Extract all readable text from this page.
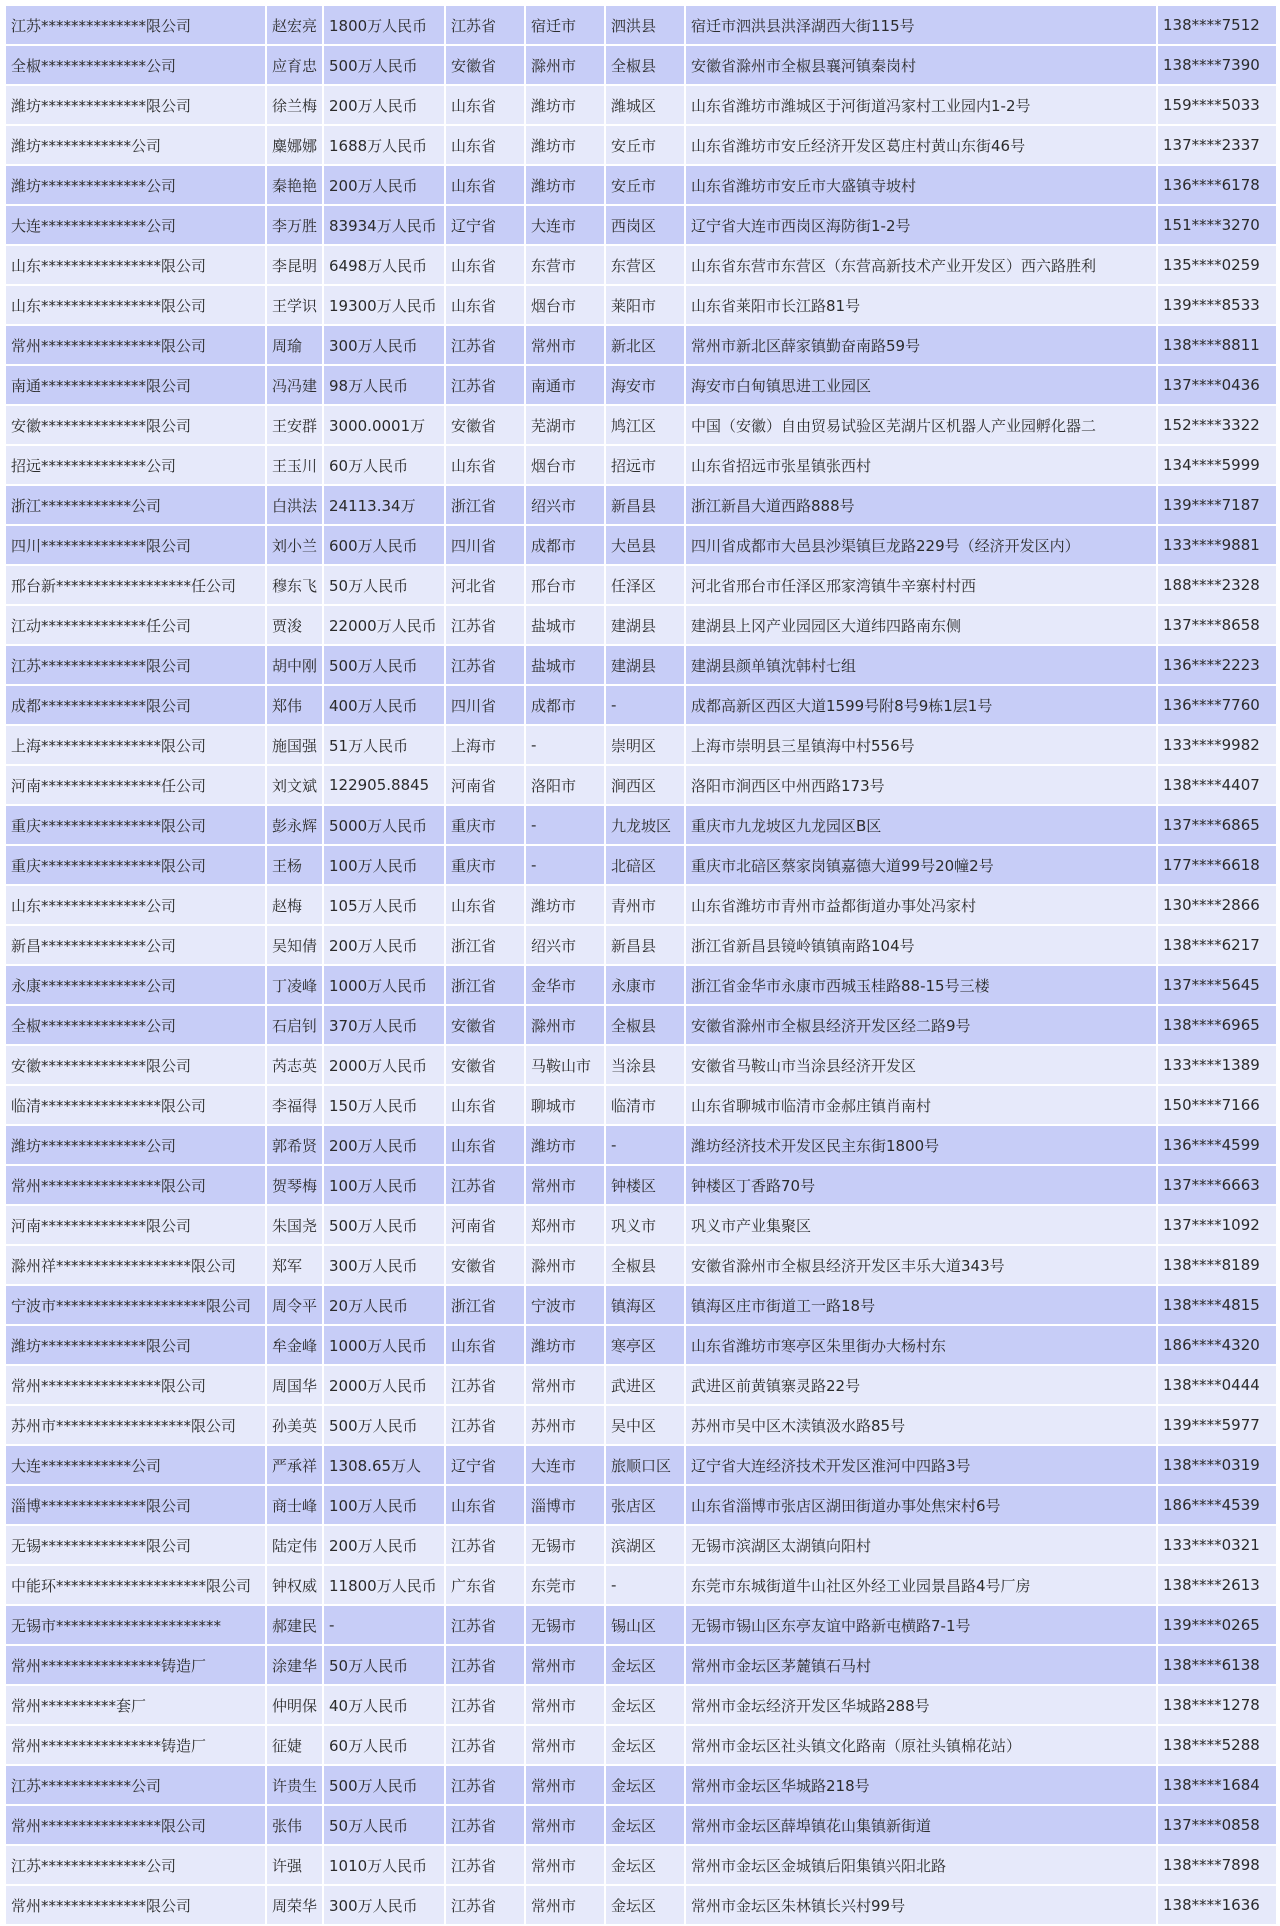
江苏**************限公司	赵宏亮	1800万人民币	江苏省	宿迁市	泗洪县	宿迁市泗洪县洪泽湖西大街115号	138****7512
全椒**************公司	应育忠	500万人民币	安徽省	滁州市	全椒县	安徽省滁州市全椒县襄河镇秦岗村	138****7390
潍坊**************限公司	徐兰梅	200万人民币	山东省	潍坊市	潍城区	山东省潍坊市潍城区于河街道冯家村工业园内1-2号	159****5033
潍坊************公司	麋娜娜	1688万人民币	山东省	潍坊市	安丘市	山东省潍坊市安丘经济开发区葛庄村黄山东街46号	137****2337
潍坊**************公司	秦艳艳	200万人民币	山东省	潍坊市	安丘市	山东省潍坊市安丘市大盛镇寺坡村	136****6178
大连**************公司	李万胜	83934万人民币	辽宁省	大连市	西岗区	辽宁省大连市西岗区海防街1-2号	151****3270
山东****************限公司	李昆明	6498万人民币	山东省	东营市	东营区	山东省东营市东营区（东营高新技术产业开发区）西六路胜利	135****0259
山东****************限公司	王学识	19300万人民币	山东省	烟台市	莱阳市	山东省莱阳市长江路81号	139****8533
常州****************限公司	周瑜	300万人民币	江苏省	常州市	新北区	常州市新北区薛家镇勤奋南路59号	138****8811
南通**************限公司	冯冯建	98万人民币	江苏省	南通市	海安市	海安市白甸镇思进工业园区	137****0436
安徽**************限公司	王安群	3000.0001万	安徽省	芜湖市	鸠江区	中国（安徽）自由贸易试验区芜湖片区机器人产业园孵化器二	152****3322
招远**************公司	王玉川	60万人民币	山东省	烟台市	招远市	山东省招远市张星镇张西村	134****5999
浙江************公司	白洪法	24113.34万	浙江省	绍兴市	新昌县	浙江新昌大道西路888号	139****7187
四川**************限公司	刘小兰	600万人民币	四川省	成都市	大邑县	四川省成都市大邑县沙渠镇巨龙路229号（经济开发区内）	133****9881
邢台新******************任公司	穆东飞	50万人民币	河北省	邢台市	任泽区	河北省邢台市任泽区邢家湾镇牛辛寨村村西	188****2328
江动**************任公司	贾浚	22000万人民币	江苏省	盐城市	建湖县	建湖县上冈产业园园区大道纬四路南东侧	137****8658
江苏**************限公司	胡中刚	500万人民币	江苏省	盐城市	建湖县	建湖县颜单镇沈韩村七组	136****2223
成都**************限公司	郑伟	400万人民币	四川省	成都市	-	成都高新区西区大道1599号附8号9栋1层1号	136****7760
上海****************限公司	施国强	51万人民币	上海市	-	崇明区	上海市崇明县三星镇海中村556号	133****9982
河南****************任公司	刘文斌	122905.8845	河南省	洛阳市	涧西区	洛阳市涧西区中州西路173号	138****4407
重庆****************限公司	彭永辉	5000万人民币	重庆市	-	九龙坡区	重庆市九龙坡区九龙园区B区	137****6865
重庆****************限公司	王杨	100万人民币	重庆市	-	北碚区	重庆市北碚区蔡家岗镇嘉德大道99号20幢2号	177****6618
山东**************公司	赵梅	105万人民币	山东省	潍坊市	青州市	山东省潍坊市青州市益都街道办事处冯家村	130****2866
新昌**************公司	吴知倩	200万人民币	浙江省	绍兴市	新昌县	浙江省新昌县镜岭镇镇南路104号	138****6217
永康**************公司	丁凌峰	1000万人民币	浙江省	金华市	永康市	浙江省金华市永康市西城玉桂路88-15号三楼	137****5645
全椒**************公司	石启钊	370万人民币	安徽省	滁州市	全椒县	安徽省滁州市全椒县经济开发区经二路9号	138****6965
安徽**************限公司	芮志英	2000万人民币	安徽省	马鞍山市	当涂县	安徽省马鞍山市当涂县经济开发区	133****1389
临清****************限公司	李福得	150万人民币	山东省	聊城市	临清市	山东省聊城市临清市金郝庄镇肖南村	150****7166
潍坊**************公司	郭希贤	200万人民币	山东省	潍坊市	-	潍坊经济技术开发区民主东街1800号	136****4599
常州****************限公司	贺琴梅	100万人民币	江苏省	常州市	钟楼区	钟楼区丁香路70号	137****6663
河南**************限公司	朱国尧	500万人民币	河南省	郑州市	巩义市	巩义市产业集聚区	137****1092
滁州祥******************限公司	郑军	300万人民币	安徽省	滁州市	全椒县	安徽省滁州市全椒县经济开发区丰乐大道343号	138****8189
宁波市********************限公司	周令平	20万人民币	浙江省	宁波市	镇海区	镇海区庄市街道工一路18号	138****4815
潍坊**************限公司	牟金峰	1000万人民币	山东省	潍坊市	寒亭区	山东省潍坊市寒亭区朱里街办大杨村东	186****4320
常州****************限公司	周国华	2000万人民币	江苏省	常州市	武进区	武进区前黄镇寨灵路22号	138****0444
苏州市******************限公司	孙美英	500万人民币	江苏省	苏州市	吴中区	苏州市吴中区木渎镇汲水路85号	139****5977
大连************公司	严承祥	1308.65万人	辽宁省	大连市	旅顺口区	辽宁省大连经济技术开发区淮河中四路3号	138****0319
淄博**************限公司	商士峰	100万人民币	山东省	淄博市	张店区	山东省淄博市张店区湖田街道办事处焦宋村6号	186****4539
无锡**************限公司	陆定伟	200万人民币	江苏省	无锡市	滨湖区	无锡市滨湖区太湖镇向阳村	133****0321
中能环********************限公司	钟权威	11800万人民币	广东省	东莞市	-	东莞市东城街道牛山社区外经工业园景昌路4号厂房	138****2613
无锡市**********************	郝建民	-	江苏省	无锡市	锡山区	无锡市锡山区东亭友谊中路新屯横路7-1号	139****0265
常州****************铸造厂	涂建华	50万人民币	江苏省	常州市	金坛区	常州市金坛区茅麓镇石马村	138****6138
常州**********套厂	仲明保	40万人民币	江苏省	常州市	金坛区	常州市金坛经济开发区华城路288号	138****1278
常州****************铸造厂	征婕	60万人民币	江苏省	常州市	金坛区	常州市金坛区社头镇文化路南（原社头镇棉花站）	138****5288
江苏************公司	许贵生	500万人民币	江苏省	常州市	金坛区	常州市金坛区华城路218号	138****1684
常州****************限公司	张伟	50万人民币	江苏省	常州市	金坛区	常州市金坛区薛埠镇花山集镇新街道	137****0858
江苏**************公司	许强	1010万人民币	江苏省	常州市	金坛区	常州市金坛区金城镇后阳集镇兴阳北路	138****7898
常州**************限公司	周荣华	300万人民币	江苏省	常州市	金坛区	常州市金坛区朱林镇长兴村99号	138****1636
